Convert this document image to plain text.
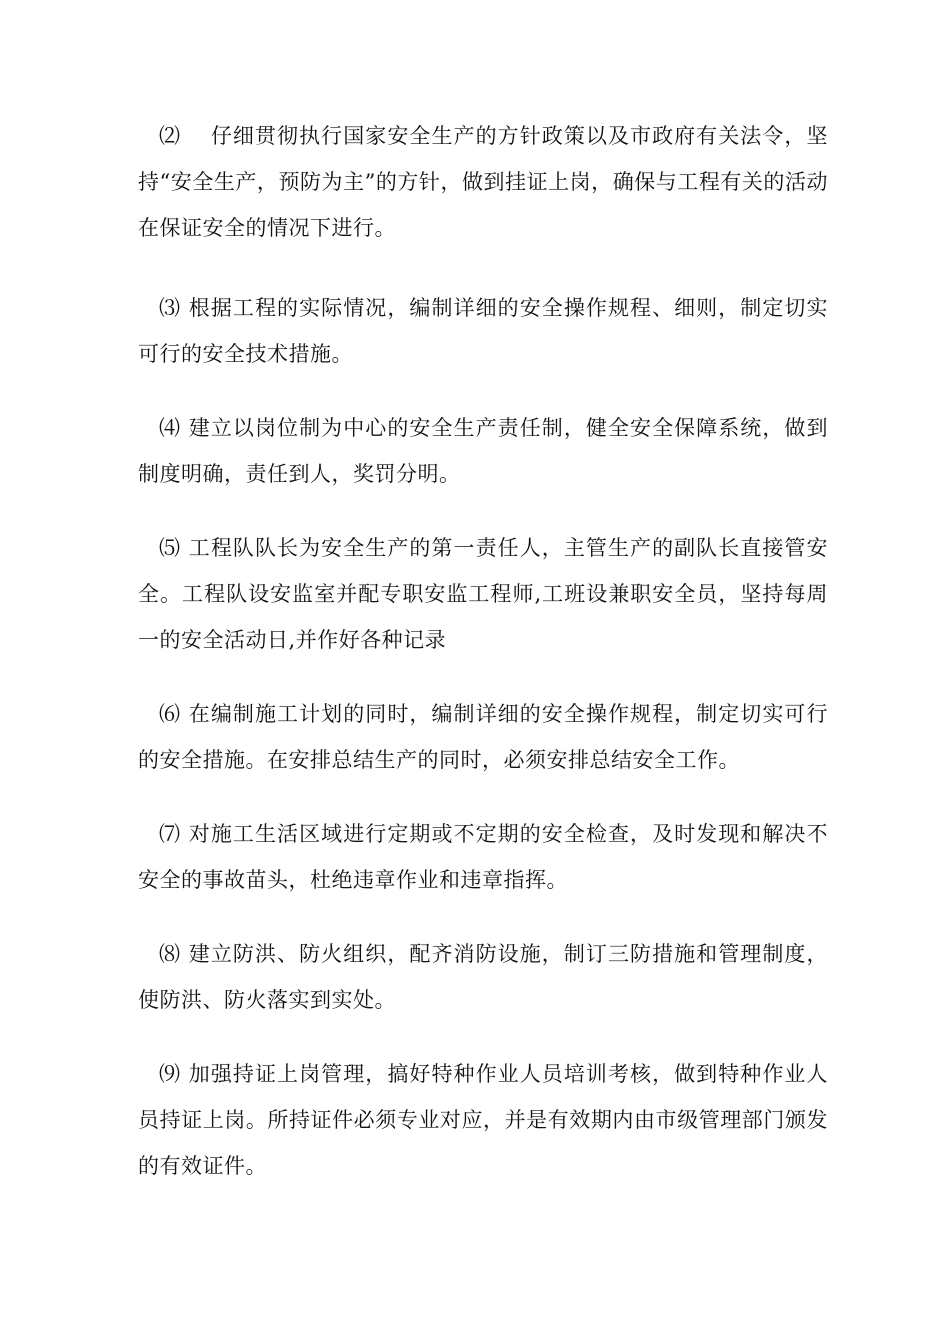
⑵　 仔细贯彻执行国家安全生产的方针政策以及市政府有关法令，坚持“安全生产，预防为主”的方针，做到挂证上岗，确保与工程有关的活动在保证安全的情况下进行。

⑶ 根据工程的实际情况，编制详细的安全操作规程、细则，制定切实可行的安全技术措施。

⑷ 建立以岗位制为中心的安全生产责任制，健全安全保障系统，做到制度明确，责任到人，奖罚分明。

⑸ 工程队队长为安全生产的第一责任人，主管生产的副队长直接管安全。工程队设安监室并配专职安监工程师,工班设兼职安全员，坚持每周一的安全活动日,并作好各种记录

⑹ 在编制施工计划的同时，编制详细的安全操作规程，制定切实可行的安全措施。在安排总结生产的同时，必须安排总结安全工作。

⑺ 对施工生活区域进行定期或不定期的安全检查，及时发现和解决不安全的事故苗头，杜绝违章作业和违章指挥。

⑻ 建立防洪、防火组织，配齐消防设施，制订三防措施和管理制度，使防洪、防火落实到实处。

⑼ 加强持证上岗管理，搞好特种作业人员培训考核，做到特种作业人员持证上岗。所持证件必须专业对应，并是有效期内由市级管理部门颁发的有效证件。
